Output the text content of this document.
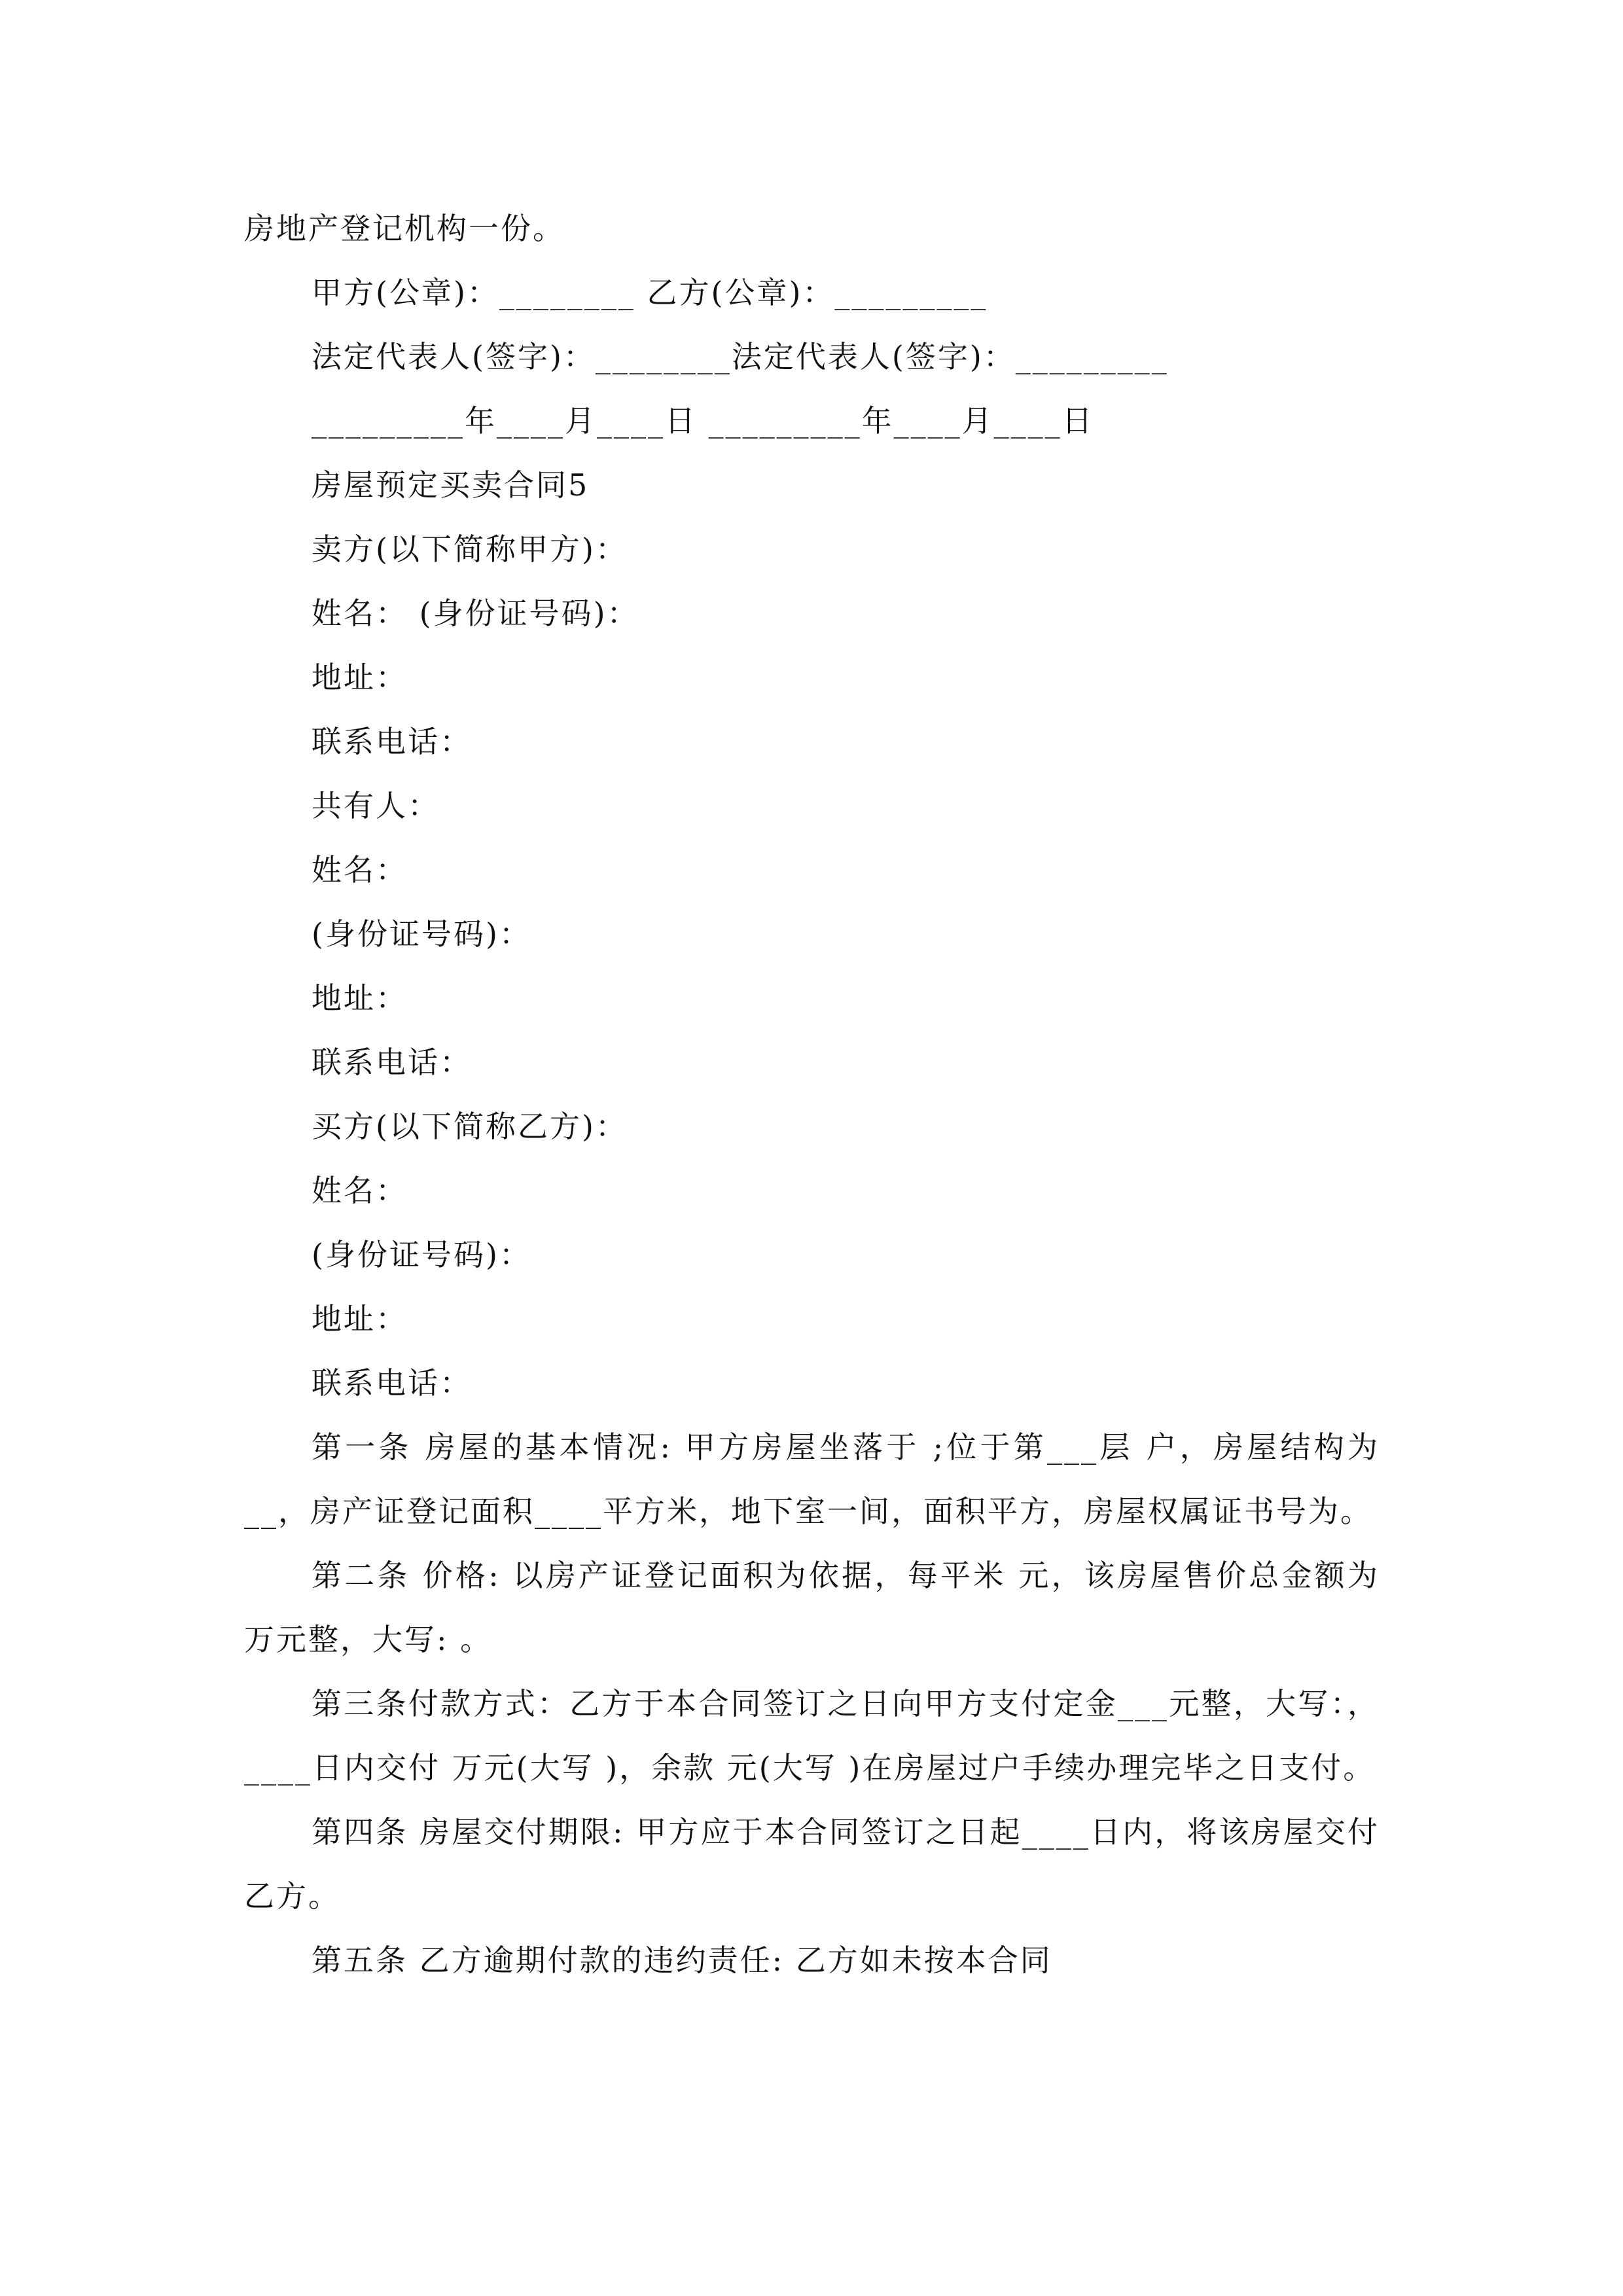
房地产登记机构一份。
甲方(公章)：________ 乙方(公章)：_________
法定代表人(签字)：________法定代表人(签字)：_________
_________年____月____日 _________年____月____日
房屋预定买卖合同5
卖方(以下简称甲方)：
姓名： (身份证号码)：
地址：
联系电话：
共有人：
姓名：
(身份证号码)：
地址：
联系电话：
买方(以下简称乙方)：
姓名：
(身份证号码)：
地址：
联系电话：
第一条 房屋的基本情况: 甲方房屋坐落于 ;位于第___层 户，房屋结构为__，房产证登记面积____平方米，地下室一间，面积平方，房屋权属证书号为。
第二条 价格: 以房产证登记面积为依据，每平米 元，该房屋售价总金额为万元整，大写: 。
第三条付款方式：乙方于本合同签订之日向甲方支付定金___元整，大写：，____日内交付 万元(大写 )，余款 元(大写 )在房屋过户手续办理完毕之日支付。
第四条 房屋交付期限: 甲方应于本合同签订之日起____日内，将该房屋交付乙方。
第五条 乙方逾期付款的违约责任: 乙方如未按本合同
